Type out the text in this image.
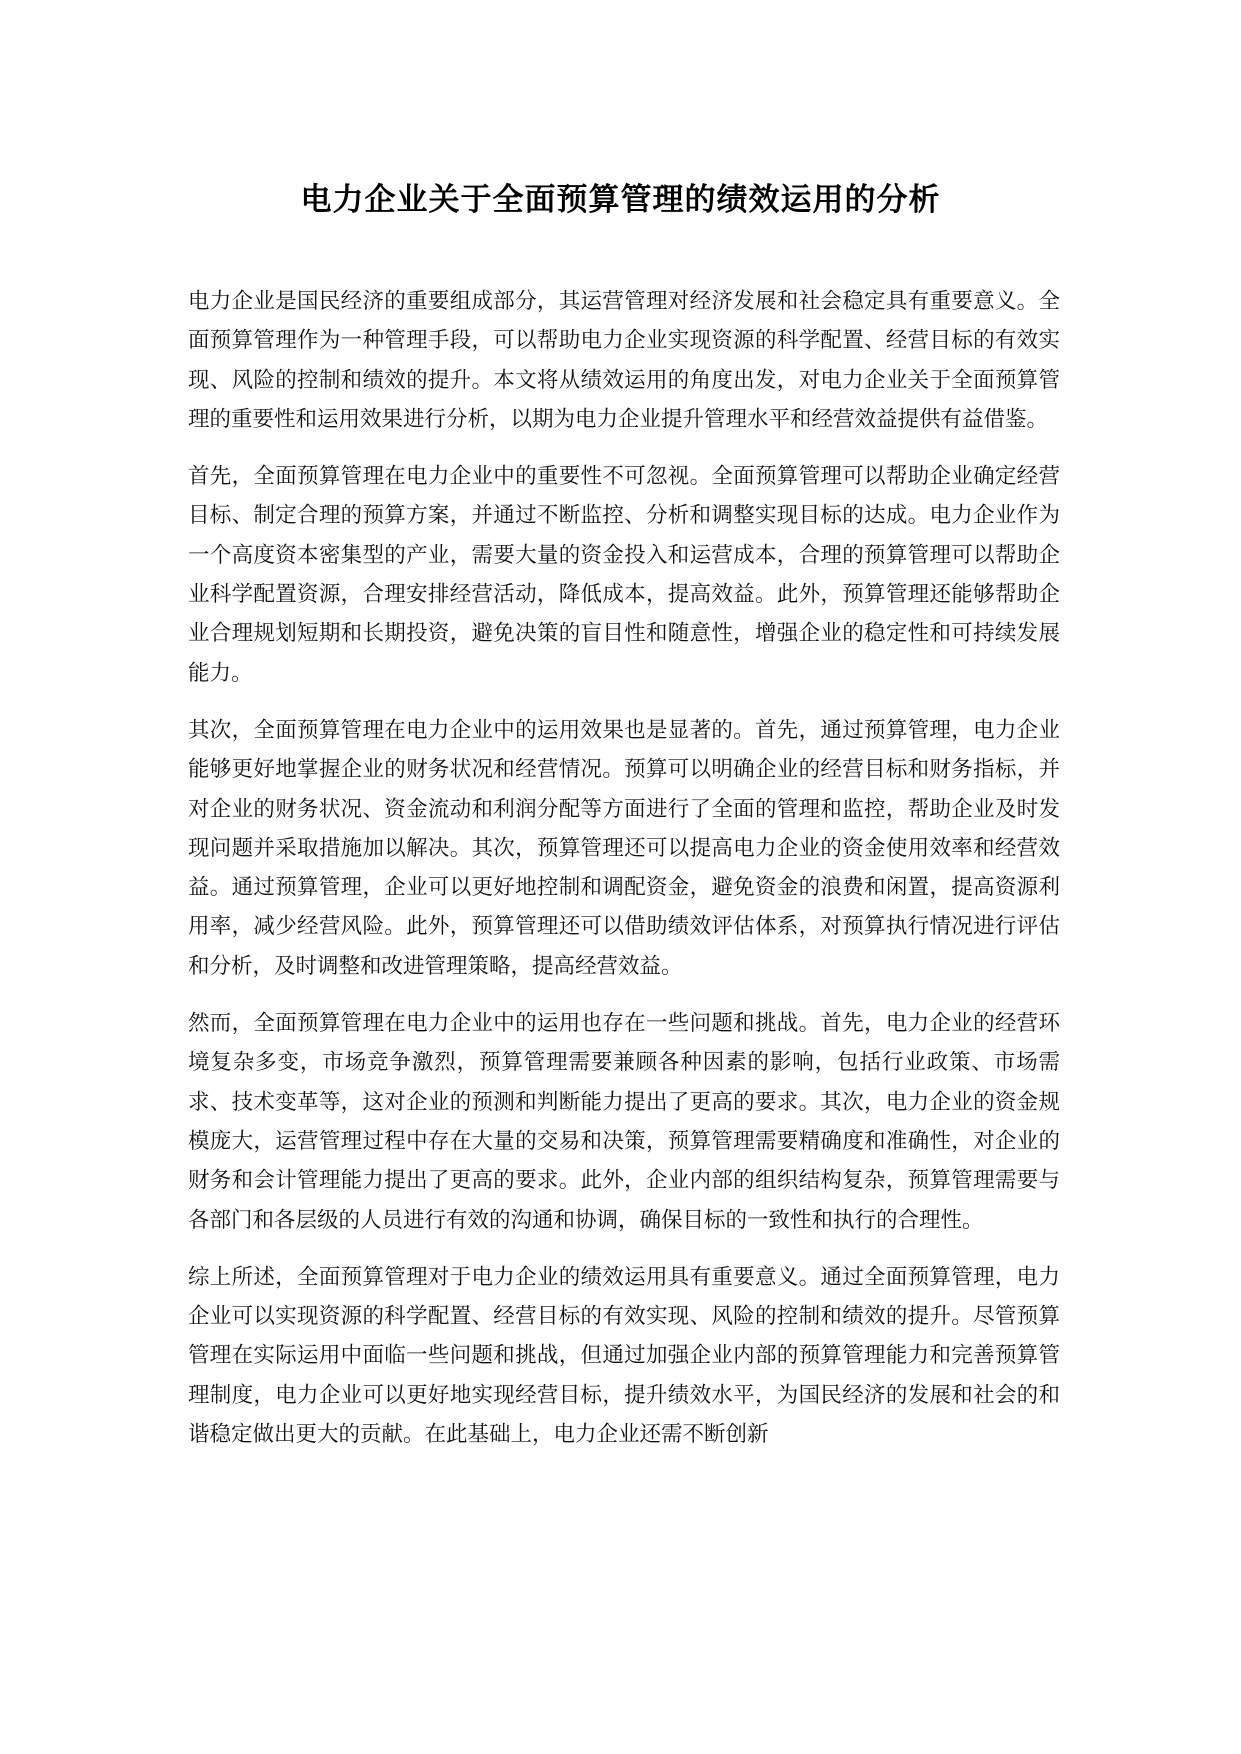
电力企业关于全面预算管理的绩效运用的分析

电力企业是国民经济的重要组成部分，其运营管理对经济发展和社会稳定具有重要意义。全面预算管理作为一种管理手段，可以帮助电力企业实现资源的科学配置、经营目标的有效实现、风险的控制和绩效的提升。本文将从绩效运用的角度出发，对电力企业关于全面预算管理的重要性和运用效果进行分析，以期为电力企业提升管理水平和经营效益提供有益借鉴。

首先，全面预算管理在电力企业中的重要性不可忽视。全面预算管理可以帮助企业确定经营目标、制定合理的预算方案，并通过不断监控、分析和调整实现目标的达成。电力企业作为一个高度资本密集型的产业，需要大量的资金投入和运营成本，合理的预算管理可以帮助企业科学配置资源，合理安排经营活动，降低成本，提高效益。此外，预算管理还能够帮助企业合理规划短期和长期投资，避免决策的盲目性和随意性，增强企业的稳定性和可持续发展能力。

其次，全面预算管理在电力企业中的运用效果也是显著的。首先，通过预算管理，电力企业能够更好地掌握企业的财务状况和经营情况。预算可以明确企业的经营目标和财务指标，并对企业的财务状况、资金流动和利润分配等方面进行了全面的管理和监控，帮助企业及时发现问题并采取措施加以解决。其次，预算管理还可以提高电力企业的资金使用效率和经营效益。通过预算管理，企业可以更好地控制和调配资金，避免资金的浪费和闲置，提高资源利用率，减少经营风险。此外，预算管理还可以借助绩效评估体系，对预算执行情况进行评估和分析，及时调整和改进管理策略，提高经营效益。

然而，全面预算管理在电力企业中的运用也存在一些问题和挑战。首先，电力企业的经营环境复杂多变，市场竞争激烈，预算管理需要兼顾各种因素的影响，包括行业政策、市场需求、技术变革等，这对企业的预测和判断能力提出了更高的要求。其次，电力企业的资金规模庞大，运营管理过程中存在大量的交易和决策，预算管理需要精确度和准确性，对企业的财务和会计管理能力提出了更高的要求。此外，企业内部的组织结构复杂，预算管理需要与各部门和各层级的人员进行有效的沟通和协调，确保目标的一致性和执行的合理性。

综上所述，全面预算管理对于电力企业的绩效运用具有重要意义。通过全面预算管理，电力企业可以实现资源的科学配置、经营目标的有效实现、风险的控制和绩效的提升。尽管预算管理在实际运用中面临一些问题和挑战，但通过加强企业内部的预算管理能力和完善预算管理制度，电力企业可以更好地实现经营目标，提升绩效水平，为国民经济的发展和社会的和谐稳定做出更大的贡献。在此基础上，电力企业还需不断创新
